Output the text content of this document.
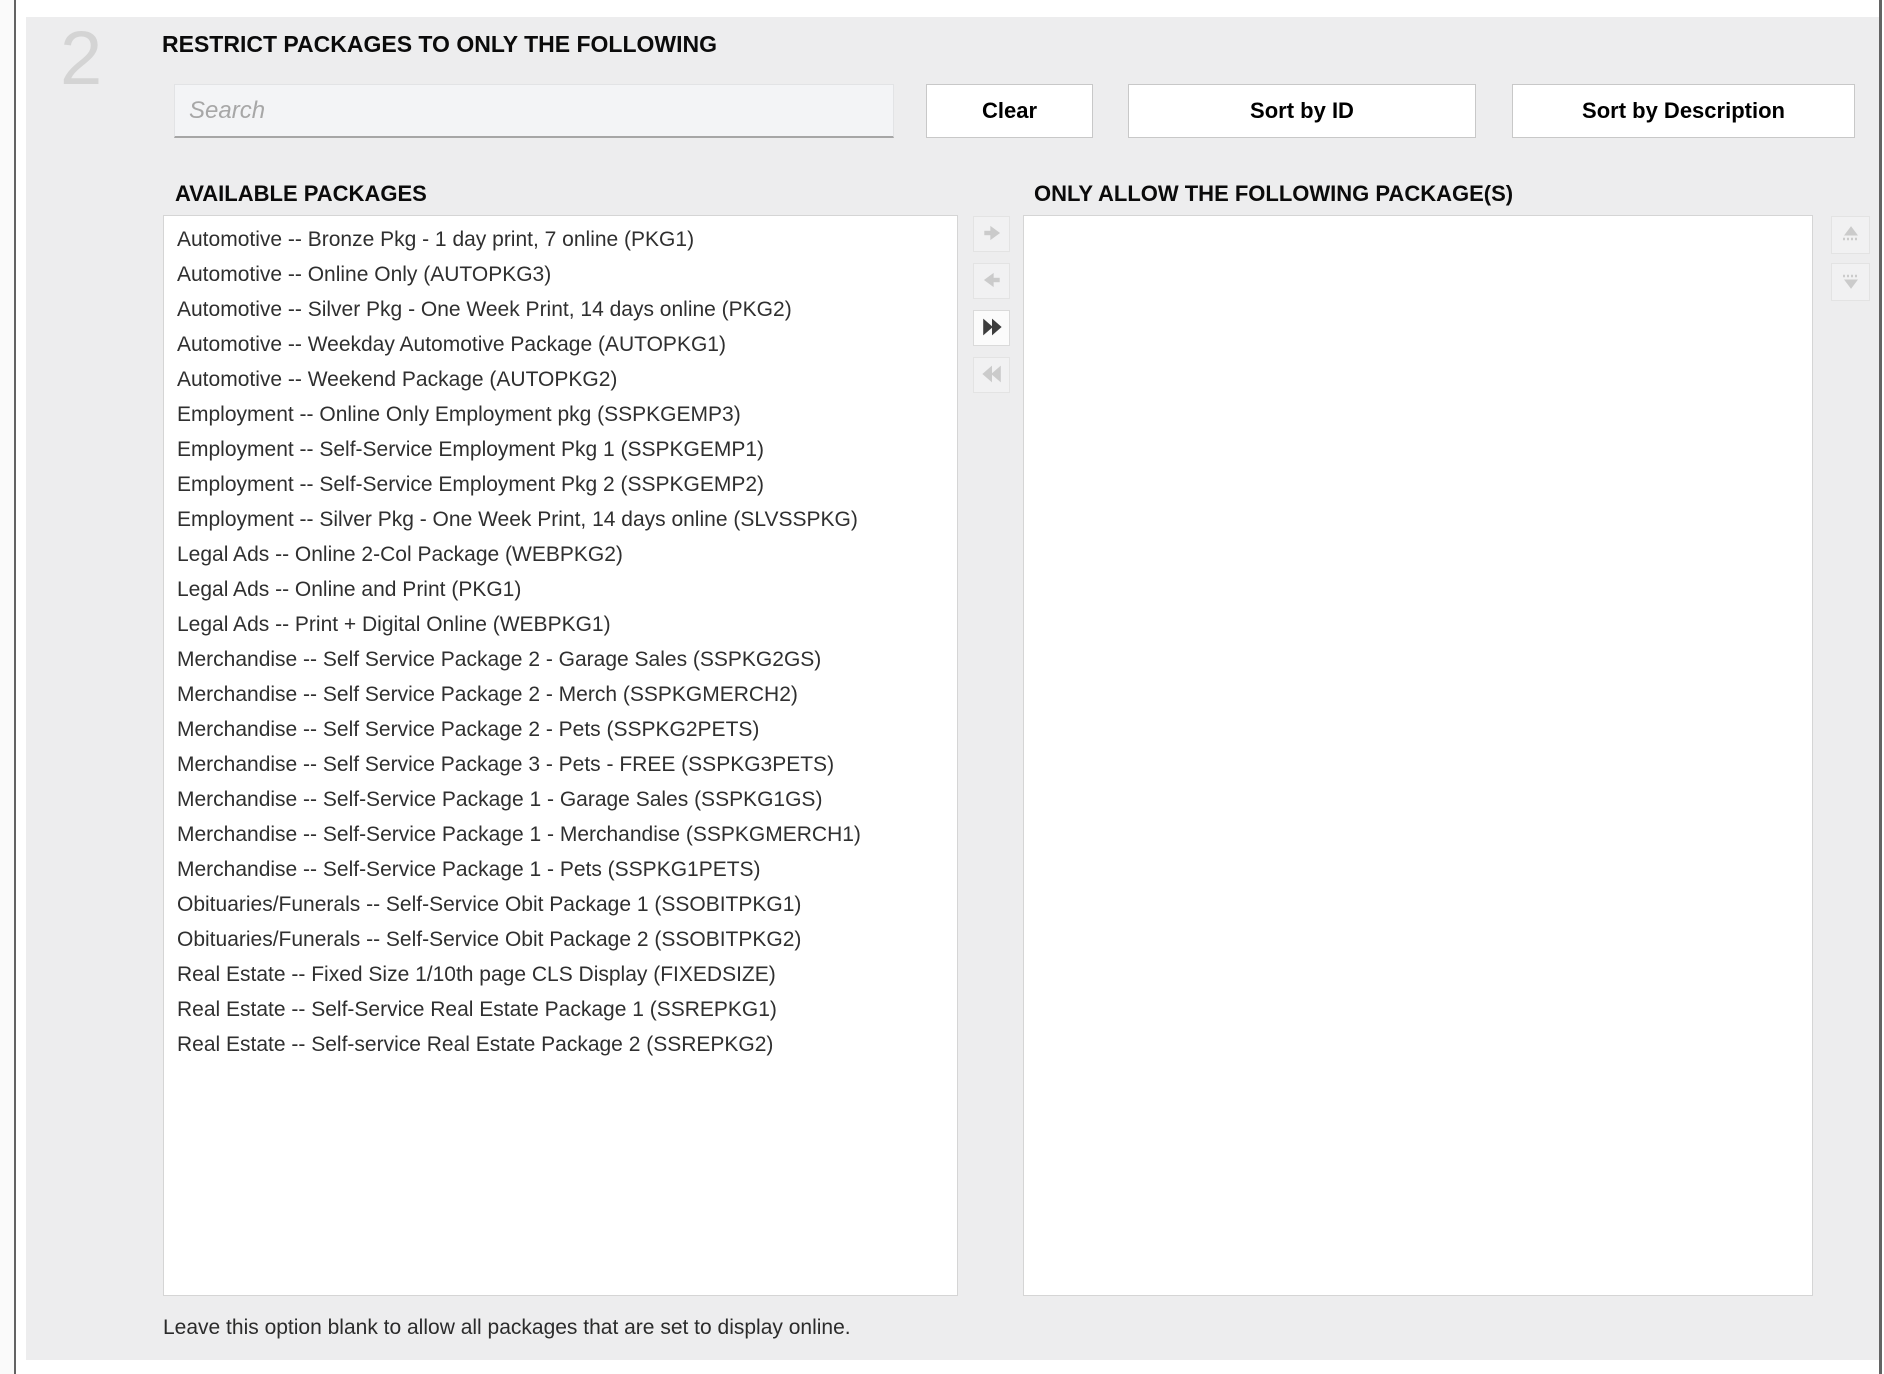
2	RESTRICT PACKAGES TO ONLY THE FOLLOWING
Search
Clear	Sort by ID	Sort by Description
AVAILABLE PACKAGES	ONLY ALLOW THE FOLLOWING PACKAGE(S)
Automotive -- Bronze Pkg - 1 day print, 7 online (PKG1)
Automotive -- Online Only (AUTOPKG3)
Automotive -- Silver Pkg - One Week Print, 14 days online (PKG2)
Automotive -- Weekday Automotive Package (AUTOPKG1)
Automotive -- Weekend Package (AUTOPKG2)
Employment -- Online Only Employment pkg (SSPKGEMP3)
Employment -- Self-Service Employment Pkg 1 (SSPKGEMP1)
Employment -- Self-Service Employment Pkg 2 (SSPKGEMP2)
Employment -- Silver Pkg - One Week Print, 14 days online (SLVSSPKG)
Legal Ads -- Online 2-Col Package (WEBPKG2)
Legal Ads -- Online and Print (PKG1)
Legal Ads -- Print + Digital Online (WEBPKG1)
Merchandise -- Self Service Package 2 - Garage Sales (SSPKG2GS)
Merchandise -- Self Service Package 2 - Merch (SSPKGMERCH2)
Merchandise -- Self Service Package 2 - Pets (SSPKG2PETS)
Merchandise -- Self Service Package 3 - Pets - FREE (SSPKG3PETS)
Merchandise -- Self-Service Package 1 - Garage Sales (SSPKG1GS)
Merchandise -- Self-Service Package 1 - Merchandise (SSPKGMERCH1)
Merchandise -- Self-Service Package 1 - Pets (SSPKG1PETS)
Obituaries/Funerals -- Self-Service Obit Package 1 (SSOBITPKG1)
Obituaries/Funerals -- Self-Service Obit Package 2 (SSOBITPKG2)
Real Estate -- Fixed Size 1/10th page CLS Display (FIXEDSIZE)
Real Estate -- Self-Service Real Estate Package 1 (SSREPKG1)
Real Estate -- Self-service Real Estate Package 2 (SSREPKG2)
Leave this option blank to allow all packages that are set to display online.
